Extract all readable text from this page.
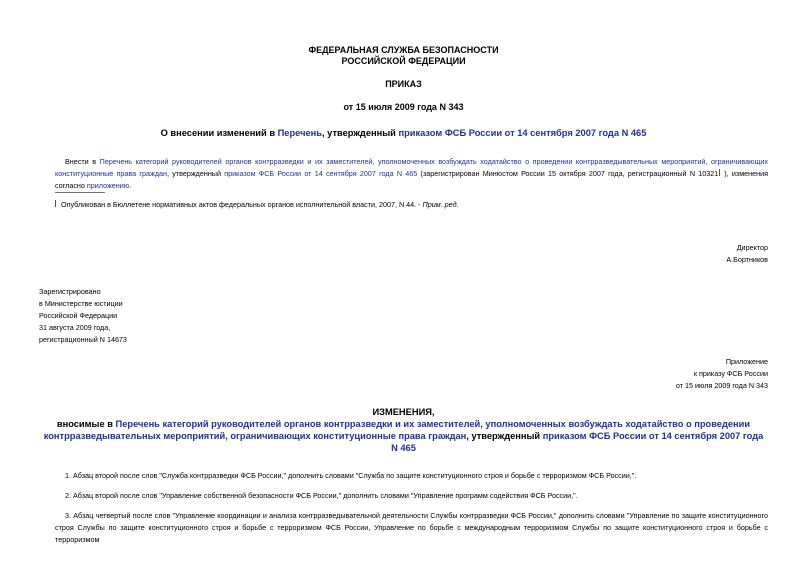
ФЕДЕРАЛЬНАЯ СЛУЖБА БЕЗОПАСНОСТИ
РОССИЙСКОЙ ФЕДЕРАЦИИ
ПРИКАЗ
от 15 июля 2009 года N 343
О внесении изменений в Перечень, утвержденный приказом ФСБ России от 14 сентября 2007 года N 465
Внести в Перечень категорий руководителей органов контрразведки и их заместителей, уполномоченных возбуждать ходатайство о проведении контрразведывательных мероприятий, ограничивающих конституционные права граждан, утвержденный приказом ФСБ России от 14 сентября 2007 года N 465 (зарегистрирован Минюстом России 15 октября 2007 года, регистрационный N 10321 ), изменения согласно приложению.
Опубликован в Бюллетене нормативных актов федеральных органов исполнительной власти, 2007, N 44. - Прим. ред.
Директор
А.Бортников
Зарегистрировано
в Министерстве юстиции
Российской Федерации
31 августа 2009 года,
регистрационный N 14673
Приложение
к приказу ФСБ России
от 15 июля 2009 года N 343
ИЗМЕНЕНИЯ,
вносимые в Перечень категорий руководителей органов контрразведки и их заместителей, уполномоченных возбуждать ходатайство о проведении контрразведывательных мероприятий, ограничивающих конституционные права граждан, утвержденный приказом ФСБ России от 14 сентября 2007 года N 465
1. Абзац второй после слов "Служба контрразведки ФСБ России," дополнить словами "Служба по защите конституционного строя и борьбе с терроризмом ФСБ России,".
2. Абзац второй после слов "Управление собственной безопасности ФСБ России," дополнить словами "Управление программ содействия ФСБ России,".
3. Абзац четвертый после слов "Управление координации и анализа контрразведывательной деятельности Службы контрразведки ФСБ России," дополнить словами "Управление по защите конституционного строя Службы по защите конституционного строя и борьбе с терроризмом ФСБ России, Управление по борьбе с международным терроризмом Службы по защите конституционного строя и борьбе с терроризмом
